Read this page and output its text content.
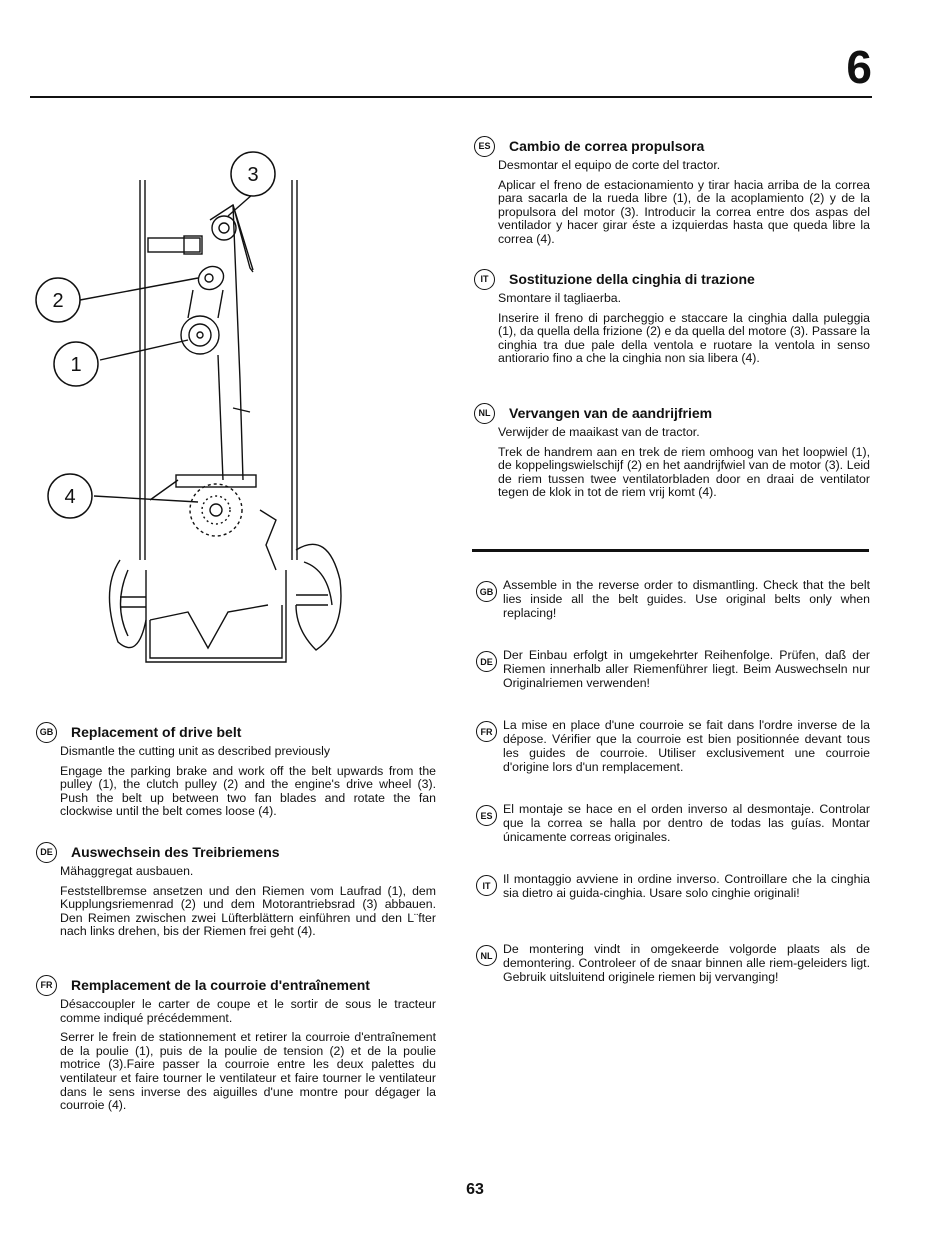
6
3
2
1
4
GB Replacement of drive belt

Dismantle the cutting unit as described previously

Engage the parking brake and work off the belt upwards from the pulley (1), the clutch pulley (2) and the engine's drive wheel (3). Push the belt up between two fan blades and rotate the fan clockwise until the belt comes loose (4).

DE	Auswechsein des Treibriemens

Mähaggregat ausbauen.

Feststellbremse ansetzen und den Riemen vom Laufrad (1), dem Kupplungsriemenrad (2) und dem Motorantriebsrad (3) abbauen. Den Reimen zwischen zwei Lüfterblättern einführen und den L¨fter nach links drehen, bis der Riemen frei geht (4).

FR	Remplacement de la courroie d'entraînement

Désaccoupler le carter de coupe et le sortir de sous le tracteur comme indiqué précédemment.

Serrer le frein de stationnement et retirer la courroie d'entraînement de la poulie (1), puis de la poulie de tension (2) et de la poulie motrice (3).Faire passer la courroie entre les deux palettes du ventilateur et faire tourner le ventilateur et faire tourner le ventilateur dans le sens inverse des aiguilles d'une montre pour dégager la courroie (4).

ES	Cambio de correa propulsora

Desmontar el equipo de corte del tractor.

Aplicar el freno de estacionamiento y tirar hacia arriba de la correa para sacarla de la rueda libre (1), de la acoplamiento (2) y de la propulsora del motor (3). Introducir la correa entre dos aspas del ventilador y hacer girar éste a izquierdas hasta que queda libre la correa (4).

IT	Sostituzione della cinghia di trazione

Smontare il tagliaerba.

Inserire il freno di parcheggio e staccare la cinghia dalla puleggia (1), da quella della frizione (2) e da quella del motore (3). Passare la cinghia tra due pale della ventola e ruotare la ventola in senso antiorario fino a che la cinghia non sia libera (4).

NL	Vervangen van de aandrijfriem

Verwijder de maaikast van de tractor.

Trek de handrem aan en trek de riem omhoog van het loopwiel (1), de koppelingswielschijf (2) en het aandrijfwiel van de motor (3). Leid de riem tussen twee ventilatorbladen door en draai de ventilator tegen de klok in tot de riem vrij komt (4).

GB Assemble in the reverse order to dismantling. Check that the belt lies inside all the belt guides. Use original belts only when replacing!

DE Der Einbau erfolgt in umgekehrter Reihenfolge. Prüfen, daß der Riemen innerhalb aller Riemenführer liegt. Beim Auswechseln nur Originalriemen verwenden!

FR La mise en place d'une courroie se fait dans l'ordre inverse de la dépose. Vérifier que la courroie est bien positionnée devant tous les guides de courroie. Utiliser exclusivement une courroie d'origine lors d'un remplacement.

ES El montaje se hace en el orden inverso al desmontaje. Controlar que la correa se halla por dentro de todas las guías. Montar únicamente correas originales.

IT	Il montaggio avviene in ordine inverso. Controillare che la cinghia sia dietro ai guida-cinghia. Usare solo cinghie originali!

NL De montering vindt in omgekeerde volgorde plaats als de demontering. Controleer of de snaar binnen alle riem-geleiders ligt. Gebruik uitsluitend originele riemen bij vervanging!

63
